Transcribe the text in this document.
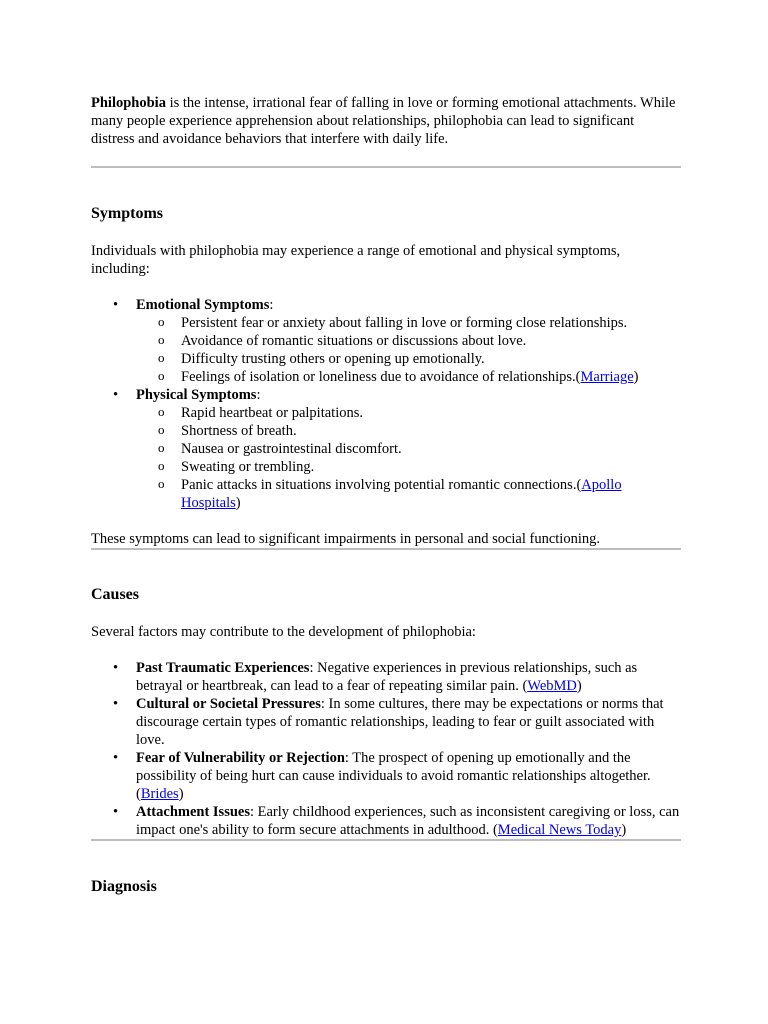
Philophobia is the intense, irrational fear of falling in love or forming emotional attachments. While many people experience apprehension about relationships, philophobia can lead to significant distress and avoidance behaviors that interfere with daily life.

Symptoms

Individuals with philophobia may experience a range of emotional and physical symptoms, including:

• Emotional Symptoms:
o Persistent fear or anxiety about falling in love or forming close relationships.
o Avoidance of romantic situations or discussions about love.
o Difficulty trusting others or opening up emotionally.
o Feelings of isolation or loneliness due to avoidance of relationships.(Marriage)
• Physical Symptoms:
o Rapid heartbeat or palpitations.
o Shortness of breath.
o Nausea or gastrointestinal discomfort.
o Sweating or trembling.
o Panic attacks in situations involving potential romantic connections.(Apollo Hospitals)

These symptoms can lead to significant impairments in personal and social functioning.

Causes

Several factors may contribute to the development of philophobia:

• Past Traumatic Experiences: Negative experiences in previous relationships, such as betrayal or heartbreak, can lead to a fear of repeating similar pain. (WebMD)
• Cultural or Societal Pressures: In some cultures, there may be expectations or norms that discourage certain types of romantic relationships, leading to fear or guilt associated with love.
• Fear of Vulnerability or Rejection: The prospect of opening up emotionally and the possibility of being hurt can cause individuals to avoid romantic relationships altogether. (Brides)
• Attachment Issues: Early childhood experiences, such as inconsistent caregiving or loss, can impact one's ability to form secure attachments in adulthood. (Medical News Today)
Diagnosis
